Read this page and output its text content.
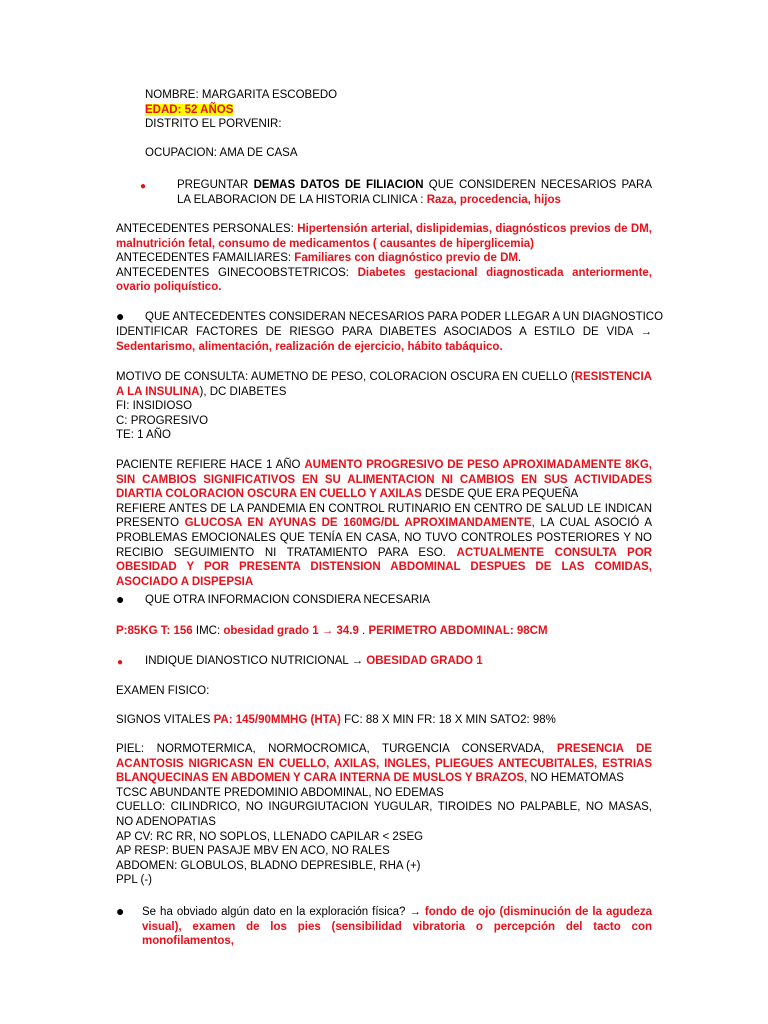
NOMBRE: MARGARITA ESCOBEDO
EDAD: 52 AÑOS
DISTRITO EL PORVENIR:
OCUPACION: AMA DE CASA
●	PREGUNTAR DEMAS DATOS DE FILIACION QUE CONSIDEREN NECESARIOS PARA LA ELABORACION DE LA HISTORIA CLINICA : Raza, procedencia, hijos
ANTECEDENTES PERSONALES: Hipertensión arterial, dislipidemias, diagnósticos previos de DM, malnutrición fetal, consumo de medicamentos ( causantes de hiperglicemia)
ANTECEDENTES FAMAILIARES: Familiares con diagnóstico previo de DM.
ANTECEDENTES GINECOOBSTETRICOS: Diabetes gestacional diagnosticada anteriormente, ovario poliquístico.
● QUE ANTECEDENTES CONSIDERAN NECESARIOS PARA PODER LLEGAR A UN DIAGNOSTICO
IDENTIFICAR FACTORES DE RIESGO PARA DIABETES ASOCIADOS A ESTILO DE VIDA → Sedentarismo, alimentación, realización de ejercicio, hábito tabáquico.
MOTIVO DE CONSULTA: AUMETNO DE PESO, COLORACION OSCURA EN CUELLO (RESISTENCIA A LA INSULINA), DC DIABETES
FI: INSIDIOSO
C: PROGRESIVO
TE: 1 AÑO
PACIENTE REFIERE HACE 1 AÑO AUMENTO PROGRESIVO DE PESO APROXIMADAMENTE 8KG, SIN CAMBIOS SIGNIFICATIVOS EN SU ALIMENTACION NI CAMBIOS EN SUS ACTIVIDADES DIARTIA COLORACION OSCURA EN CUELLO Y AXILAS DESDE QUE ERA PEQUEÑA
REFIERE ANTES DE LA PANDEMIA EN CONTROL RUTINARIO EN CENTRO DE SALUD LE INDICAN PRESENTO GLUCOSA EN AYUNAS DE 160MG/DL APROXIMANDAMENTE, LA CUAL ASOCIÓ A PROBLEMAS EMOCIONALES QUE TENÍA EN CASA, NO TUVO CONTROLES POSTERIORES Y NO RECIBIO SEGUIMIENTO NI TRATAMIENTO PARA ESO. ACTUALMENTE CONSULTA POR OBESIDAD Y POR PRESENTA DISTENSION ABDOMINAL DESPUES DE LAS COMIDAS, ASOCIADO A DISPEPSIA
● QUE OTRA INFORMACION CONSDIERA NECESARIA
P:85KG T: 156 IMC: obesidad grado 1 → 34.9 . PERIMETRO ABDOMINAL: 98CM
● INDIQUE DIANOSTICO NUTRICIONAL → OBESIDAD GRADO 1
EXAMEN FISICO:
SIGNOS VITALES PA: 145/90MMHG (HTA) FC: 88 X MIN FR: 18 X MIN SATO2: 98%
PIEL: NORMOTERMICA, NORMOCROMICA, TURGENCIA CONSERVADA, PRESENCIA DE ACANTOSIS NIGRICASN EN CUELLO, AXILAS, INGLES, PLIEGUES ANTECUBITALES, ESTRIAS BLANQUECINAS EN ABDOMEN Y CARA INTERNA DE MUSLOS Y BRAZOS, NO HEMATOMAS
TCSC ABUNDANTE PREDOMINIO ABDOMINAL, NO EDEMAS
CUELLO: CILINDRICO, NO INGURGIUTACION YUGULAR, TIROIDES NO PALPABLE, NO MASAS, NO ADENOPATIAS
AP CV: RC RR, NO SOPLOS, LLENADO CAPILAR < 2SEG
AP RESP: BUEN PASAJE MBV EN ACO, NO RALES
ABDOMEN: GLOBULOS, BLADNO DEPRESIBLE, RHA (+)
PPL (-)
● Se ha obviado algún dato en la exploración física? → fondo de ojo (disminución de la agudeza visual), examen de los pies (sensibilidad vibratoria o percepción del tacto con monofilamentos,
